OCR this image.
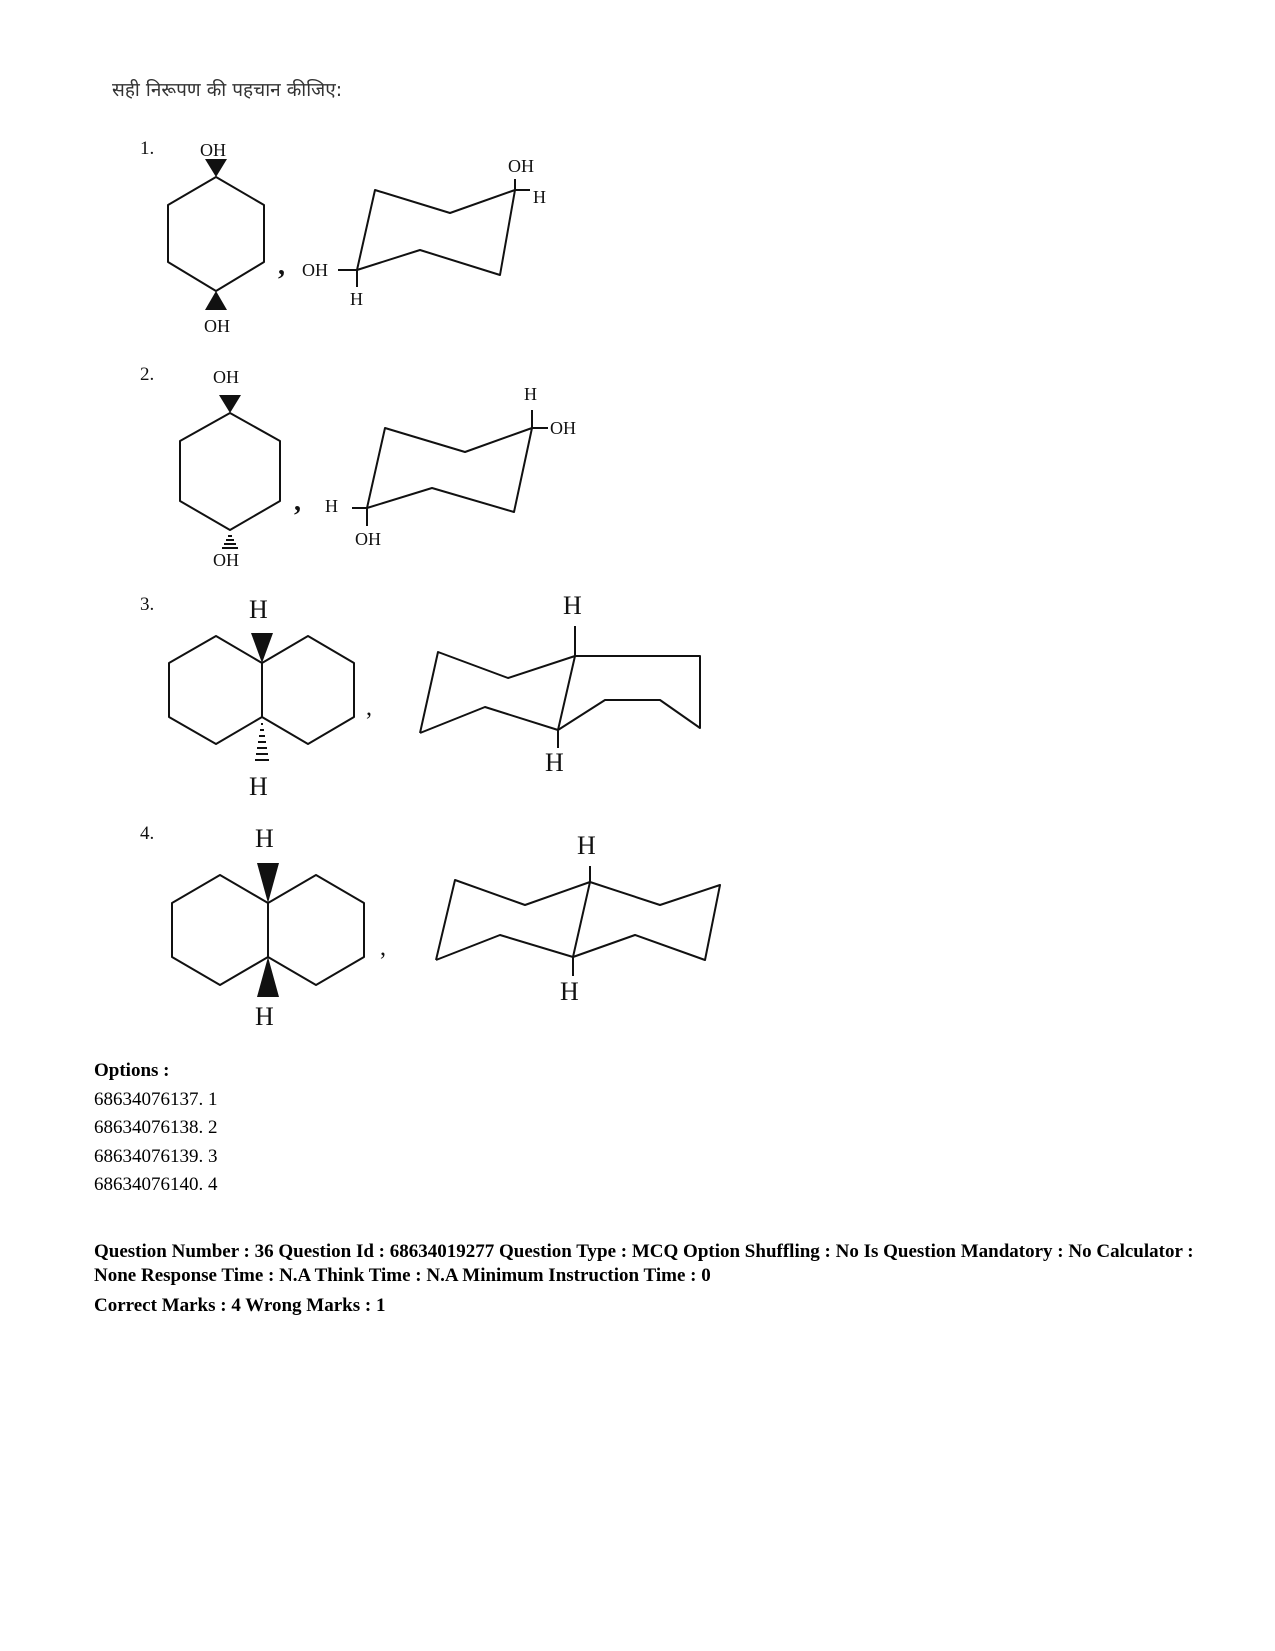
सही निरूपण की पहचान कीजिए:
1.
2.
3.
4.
,
,
,
,
OH
OH
OH
H
OH
H
OH
OH
H
OH
H
OH
H
H
H
H
H
H
H
H
Options :
68634076137. 1
68634076138. 2
68634076139. 3
68634076140. 4
Question Number : 36 Question Id : 68634019277 Question Type : MCQ Option Shuffling : No Is Question Mandatory : No Calculator : None Response Time : N.A Think Time : N.A Minimum Instruction Time : 0
Correct Marks : 4 Wrong Marks : 1
